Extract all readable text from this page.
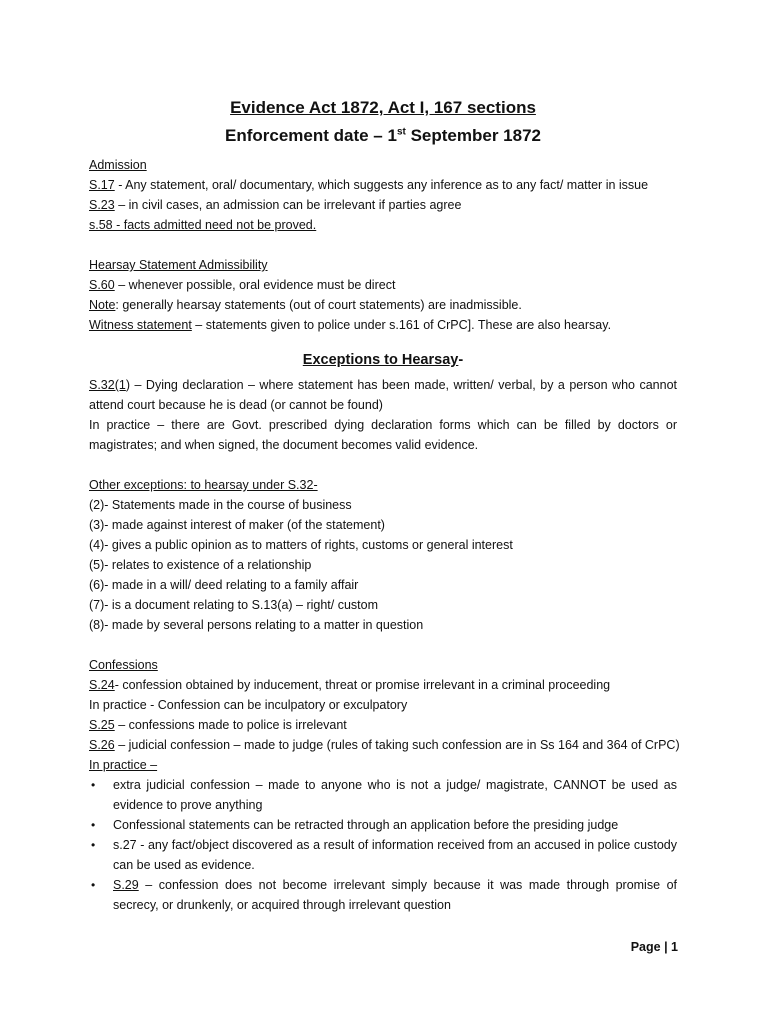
Evidence Act 1872, Act I, 167 sections

Enforcement date – 1st September 1872

Admission

S.17 - Any statement, oral/ documentary, which suggests any inference as to any fact/ matter in issue

S.23 – in civil cases, an admission can be irrelevant if parties agree

s.58 - facts admitted need not be proved.

Hearsay Statement Admissibility

S.60 – whenever possible, oral evidence must be direct

Note: generally hearsay statements (out of court statements) are inadmissible.

Witness statement – statements given to police under s.161 of CrPC]. These are also hearsay.

Exceptions to Hearsay-

S.32(1) – Dying declaration – where statement has been made, written/ verbal, by a person who cannot attend court because he is dead (or cannot be found)

In practice – there are Govt. prescribed dying declaration forms which can be filled by doctors or magistrates; and when signed, the document becomes valid evidence.

Other exceptions: to hearsay under S.32-

(2)- Statements made in the course of business

(3)- made against interest of maker (of the statement)

(4)- gives a public opinion as to matters of rights, customs or general interest

(5)- relates to existence of a relationship

(6)- made in a will/ deed relating to a family affair

(7)- is a document relating to S.13(a) – right/ custom

(8)- made by several persons relating to a matter in question

Confessions

S.24- confession obtained by inducement, threat or promise irrelevant in a criminal proceeding

In practice - Confession can be inculpatory or exculpatory

S.25 – confessions made to police is irrelevant

S.26 – judicial confession – made to judge (rules of taking such confession are in Ss 164 and 364 of CrPC)

In practice –

• extra judicial confession – made to anyone who is not a judge/ magistrate, CANNOT be used as evidence to prove anything
• Confessional statements can be retracted through an application before the presiding judge
• s.27 - any fact/object discovered as a result of information received from an accused in police custody can be used as evidence.
• S.29 – confession does not become irrelevant simply because it was made through promise of secrecy, or drunkenly, or acquired through irrelevant question
Page | 1
